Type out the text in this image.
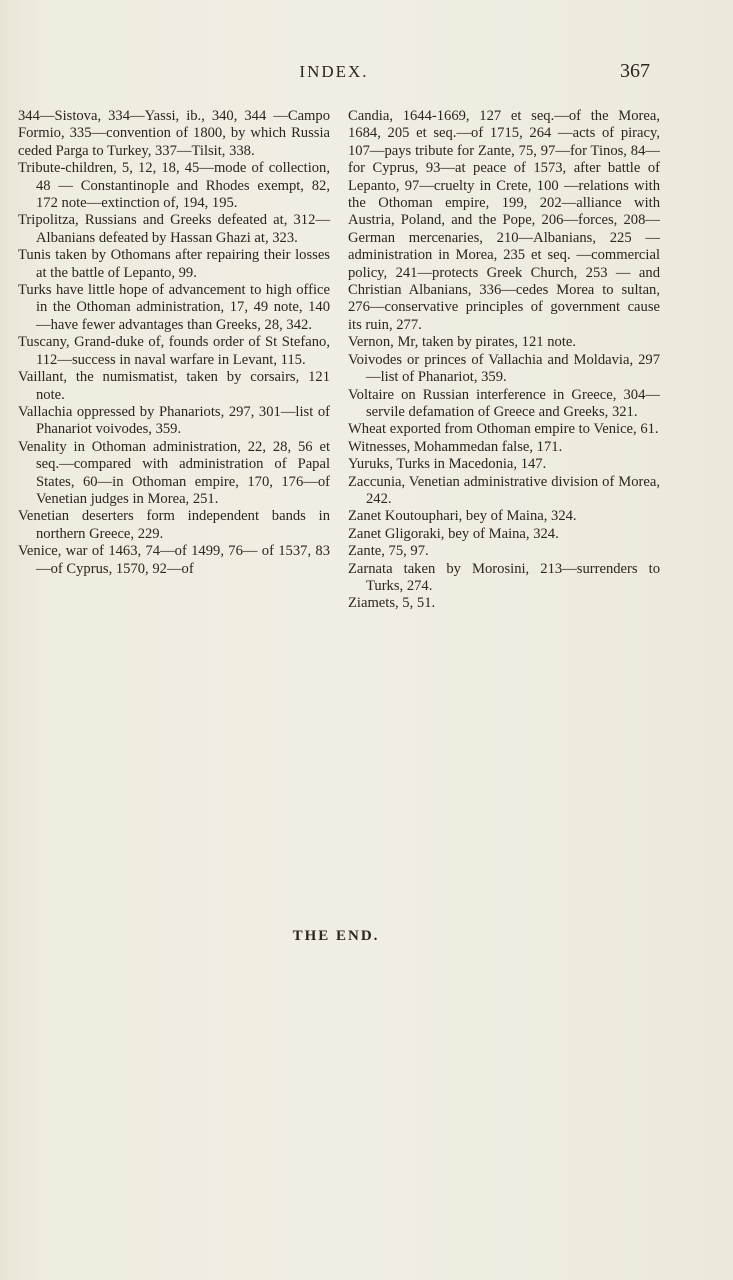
INDEX.	367

344—Sistova, 334—Yassi, ib., 340, 344 —Campo Formio, 335—convention of 1800, by which Russia ceded Parga to Turkey, 337—Tilsit, 338.

Tribute-children, 5, 12, 18, 45—mode of collection, 48 — Constantinople and Rhodes exempt, 82, 172 note—extinction of, 194, 195.

Tripolitza, Russians and Greeks defeated at, 312—Albanians defeated by Hassan Ghazi at, 323.

Tunis taken by Othomans after repairing their losses at the battle of Lepanto, 99.

Turks have little hope of advancement to high office in the Othoman administration, 17, 49 note, 140—have fewer advantages than Greeks, 28, 342.

Tuscany, Grand-duke of, founds order of St Stefano, 112—success in naval warfare in Levant, 115.

Vaillant, the numismatist, taken by corsairs, 121 note.

Vallachia oppressed by Phanariots, 297, 301—list of Phanariot voivodes, 359.

Venality in Othoman administration, 22, 28, 56 et seq.—compared with administration of Papal States, 60—in Othoman empire, 170, 176—of Venetian judges in Morea, 251.

Venetian deserters form independent bands in northern Greece, 229.

Venice, war of 1463, 74—of 1499, 76— of 1537, 83—of Cyprus, 1570, 92—of

Candia, 1644-1669, 127 et seq.—of the Morea, 1684, 205 et seq.—of 1715, 264 —acts of piracy, 107—pays tribute for Zante, 75, 97—for Tinos, 84—for Cyprus, 93—at peace of 1573, after battle of Lepanto, 97—cruelty in Crete, 100 —relations with the Othoman empire, 199, 202—alliance with Austria, Poland, and the Pope, 206—forces, 208—German mercenaries, 210—Albanians, 225 —administration in Morea, 235 et seq. —commercial policy, 241—protects Greek Church, 253 — and Christian Albanians, 336—cedes Morea to sultan, 276—conservative principles of government cause its ruin, 277.

Vernon, Mr, taken by pirates, 121 note.

Voivodes or princes of Vallachia and Moldavia, 297—list of Phanariot, 359.

Voltaire on Russian interference in Greece, 304—servile defamation of Greece and Greeks, 321.

Wheat exported from Othoman empire to Venice, 61.

Witnesses, Mohammedan false, 171.

Yuruks, Turks in Macedonia, 147.

Zaccunia, Venetian administrative division of Morea, 242.

Zanet Koutouphari, bey of Maina, 324.

Zanet Gligoraki, bey of Maina, 324.

Zante, 75, 97.

Zarnata taken by Morosini, 213—surrenders to Turks, 274.

Ziamets, 5, 51.

THE END.
